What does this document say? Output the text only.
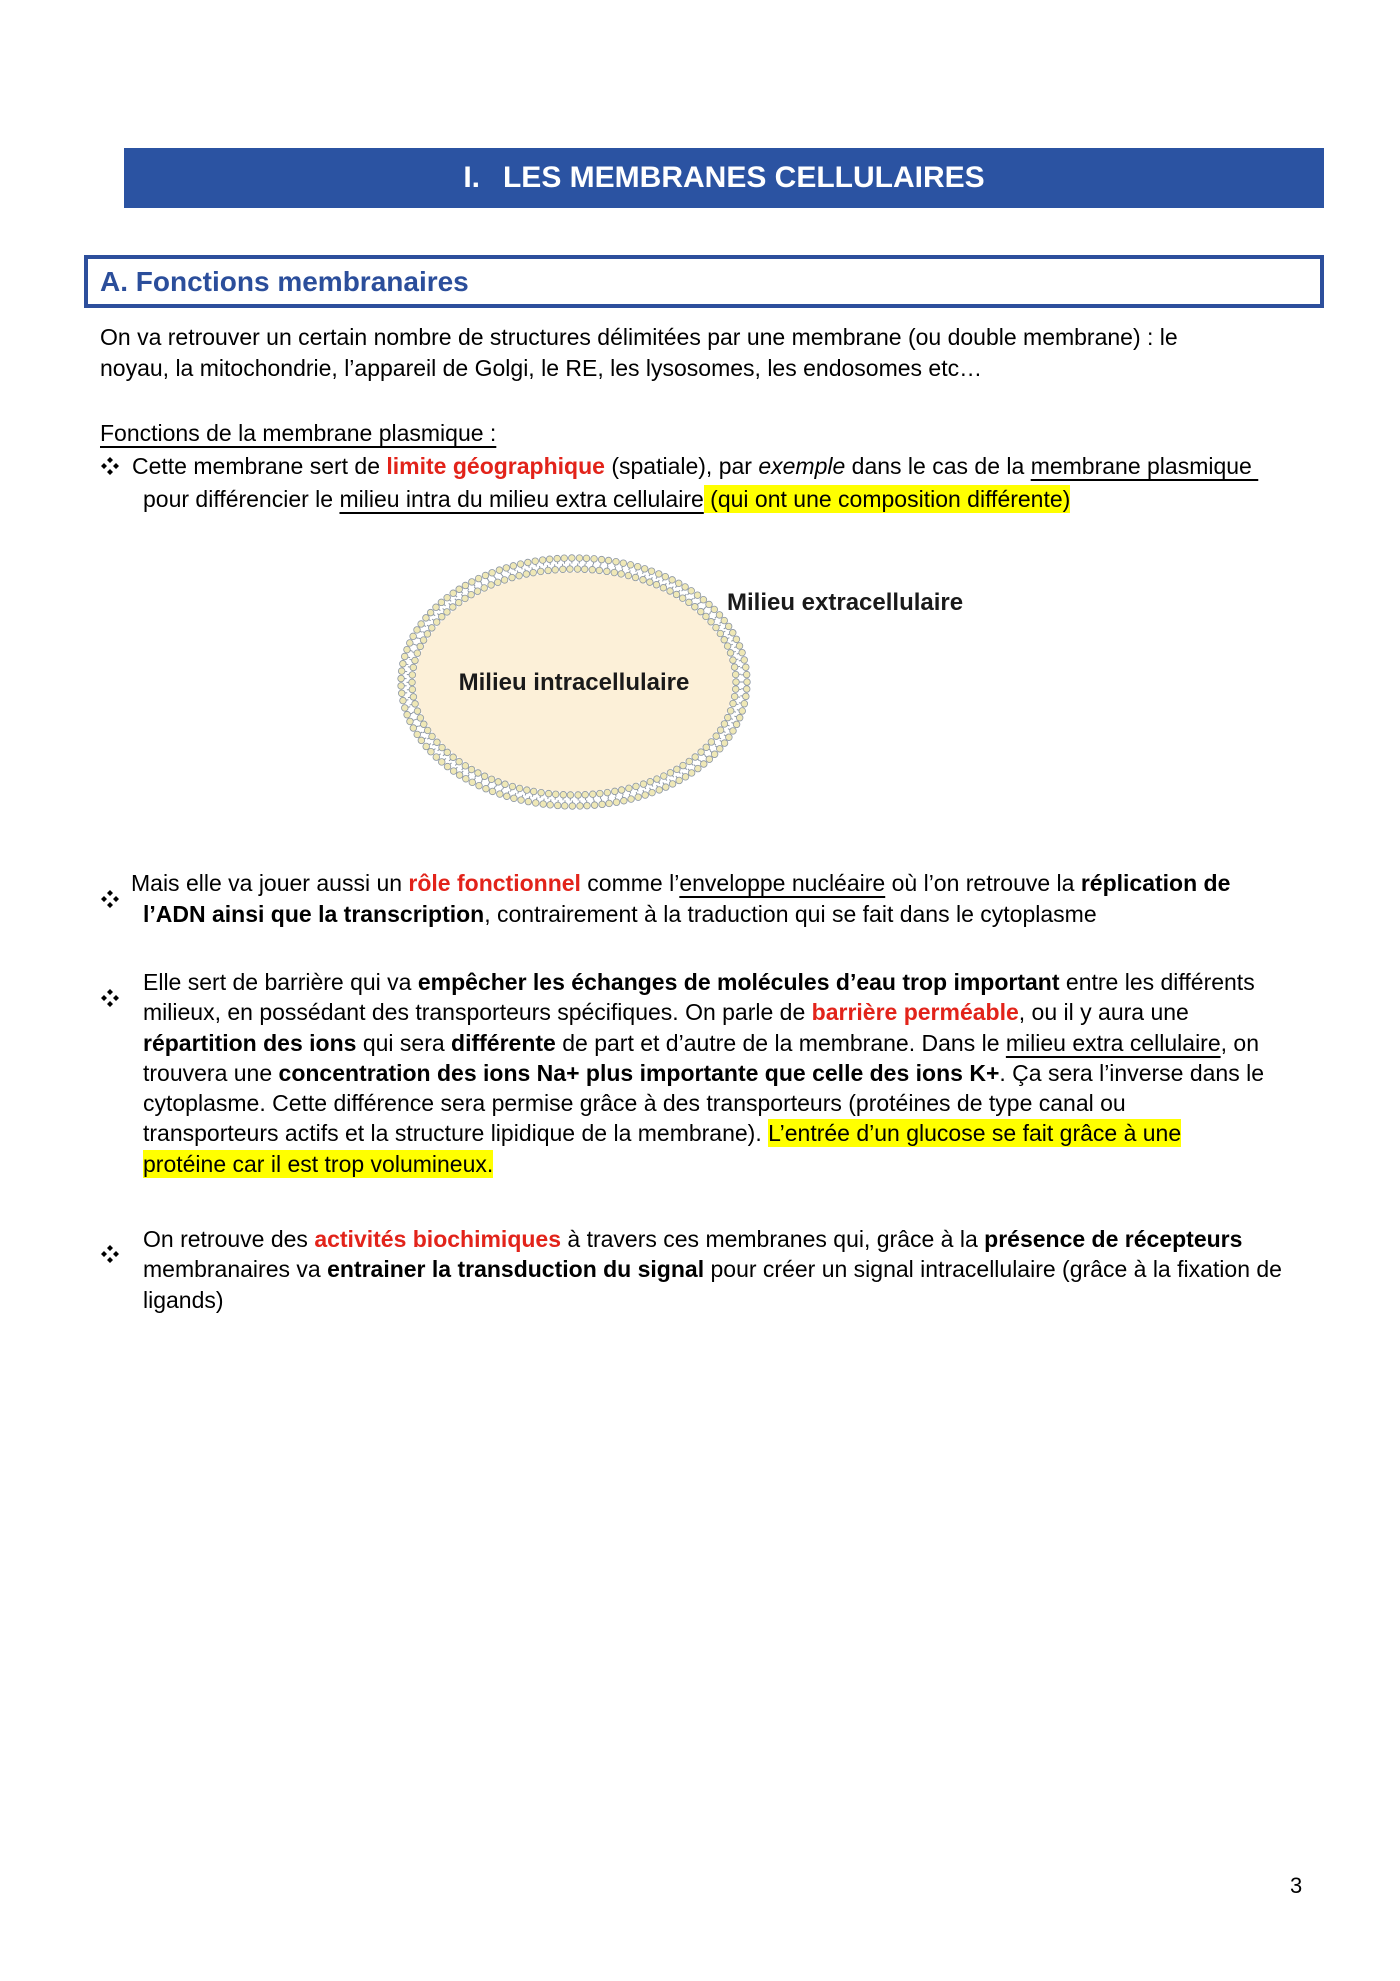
I. LES MEMBRANES CELLULAIRES
A. Fonctions membranaires
On va retrouver un certain nombre de structures délimitées par une membrane (ou double membrane) : le
noyau, la mitochondrie, l’appareil de Golgi, le RE, les lysosomes, les endosomes etc…
Fonctions de la membrane plasmique :
Cette membrane sert de limite géographique (spatiale), par exemple dans le cas de la membrane plasmique
pour différencier le milieu intra du milieu extra cellulaire (qui ont une composition différente)
Mais elle va jouer aussi un rôle fonctionnel comme l’enveloppe nucléaire où l’on retrouve la réplication de
l’ADN ainsi que la transcription, contrairement à la traduction qui se fait dans le cytoplasme
Milieu extracellulaire
Milieu intracellulaire
Elle sert de barrière qui va empêcher les échanges de molécules d’eau trop important entre les différents
milieux, en possédant des transporteurs spécifiques. On parle de barrière perméable, ou il y aura une
répartition des ions qui sera différente de part et d’autre de la membrane. Dans le milieu extra cellulaire, on
trouvera une concentration des ions Na+ plus importante que celle des ions K+. Ça sera l’inverse dans le
cytoplasme. Cette différence sera permise grâce à des transporteurs (protéines de type canal ou
transporteurs actifs et la structure lipidique de la membrane). L’entrée d’un glucose se fait grâce à une
protéine car il est trop volumineux.
On retrouve des activités biochimiques à travers ces membranes qui, grâce à la présence de récepteurs
membranaires va entrainer la transduction du signal pour créer un signal intracellulaire (grâce à la fixation de
ligands)
3
